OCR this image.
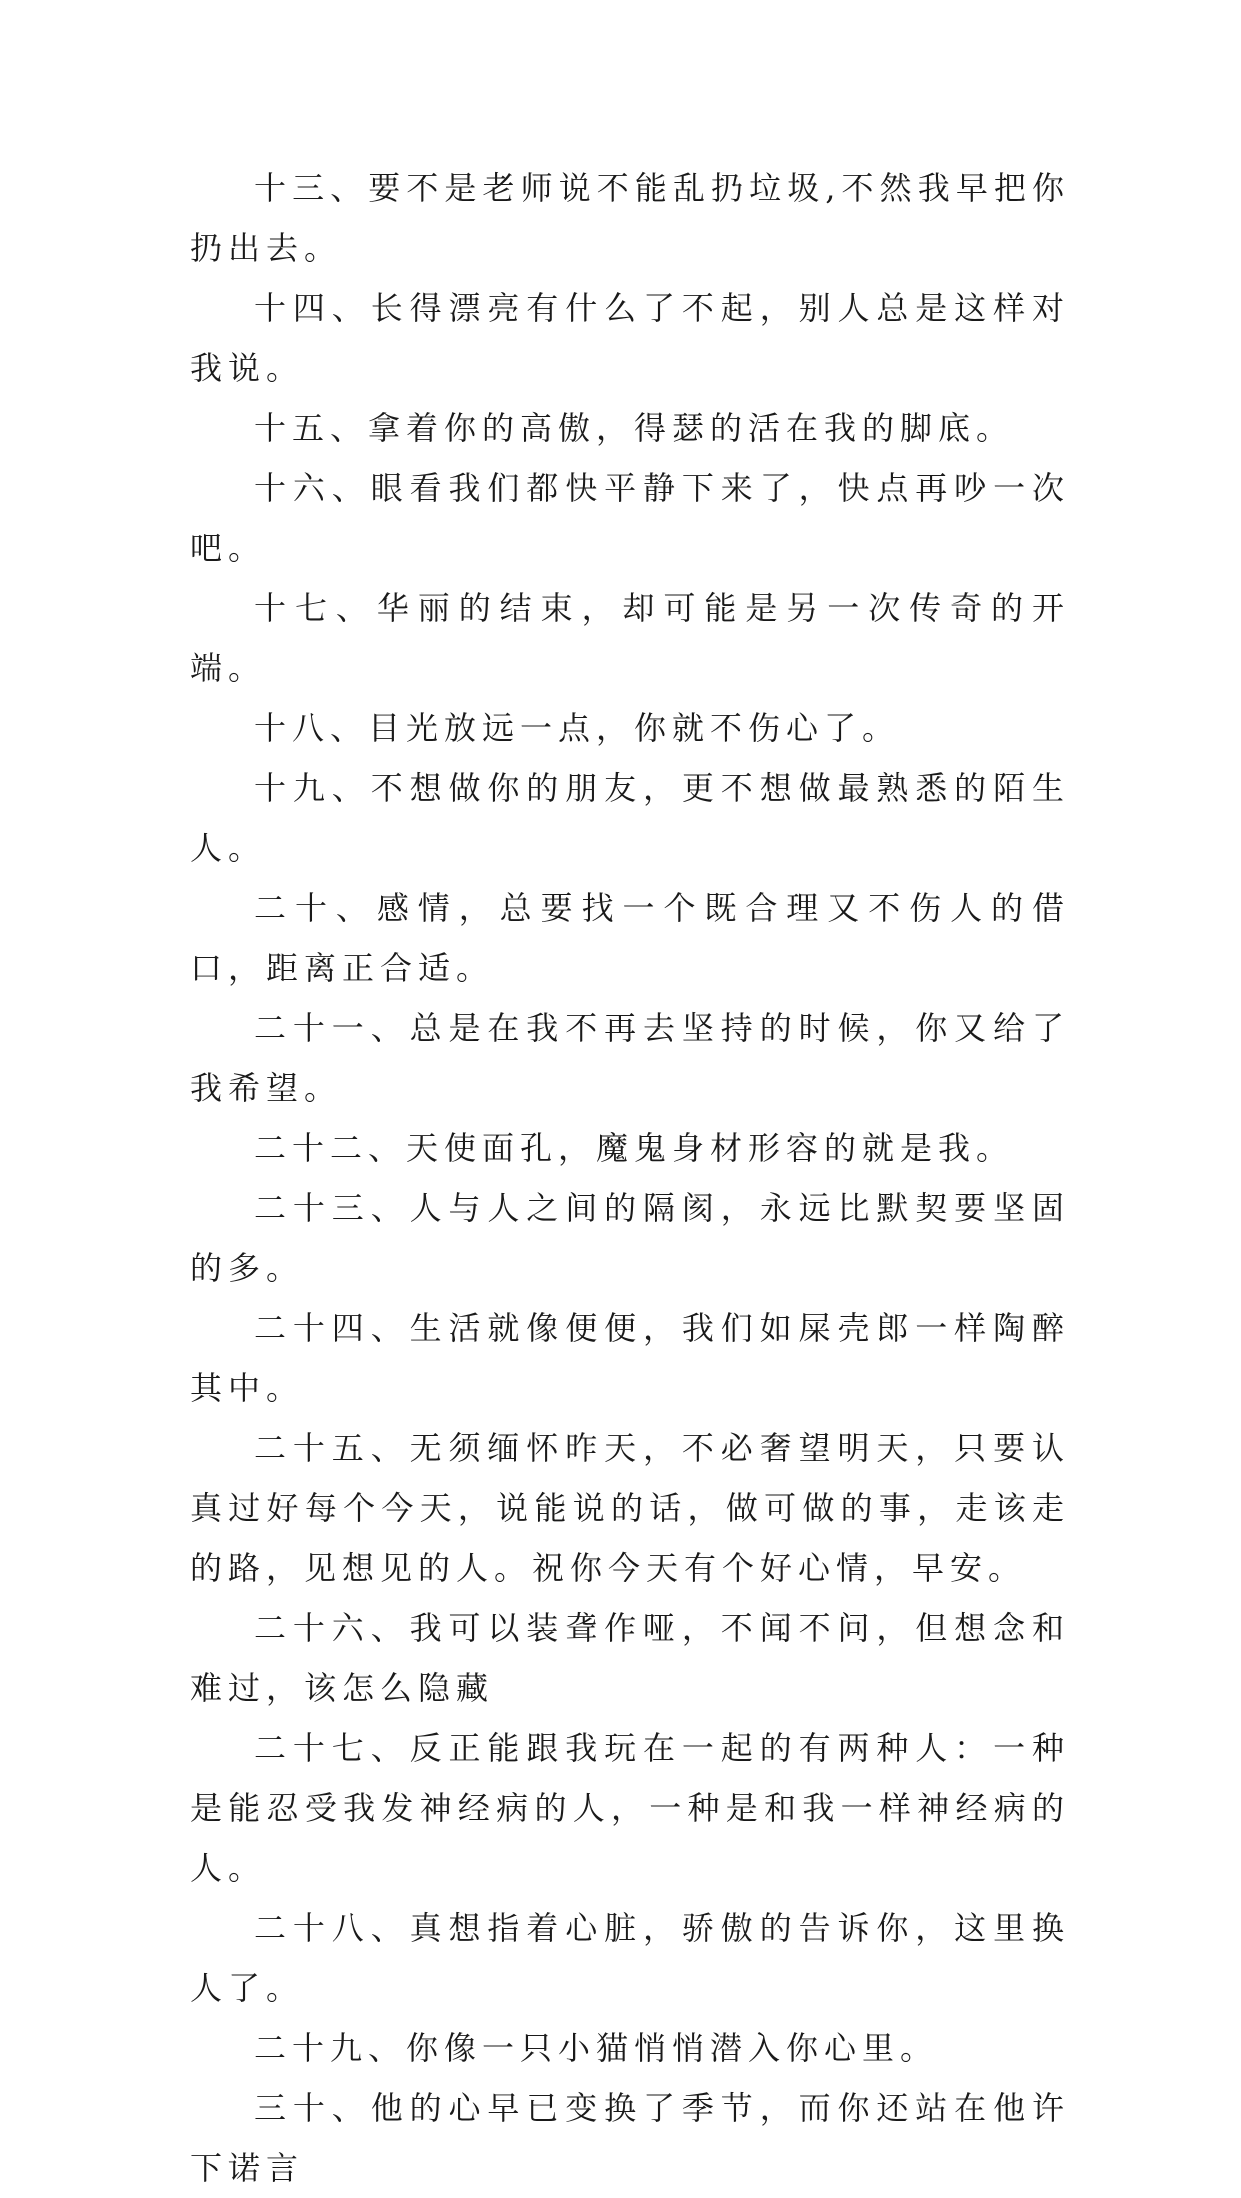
十三、要不是老师说不能乱扔垃圾,不然我早把你扔出去。

十四、长得漂亮有什么了不起，别人总是这样对我说。

十五、拿着你的高傲，得瑟的活在我的脚底。

十六、眼看我们都快平静下来了，快点再吵一次吧。

十七、华丽的结束，却可能是另一次传奇的开端。

十八、目光放远一点，你就不伤心了。

十九、不想做你的朋友，更不想做最熟悉的陌生人。

二十、感情，总要找一个既合理又不伤人的借口，距离正合适。

二十一、总是在我不再去坚持的时候，你又给了我希望。

二十二、天使面孔，魔鬼身材形容的就是我。

二十三、人与人之间的隔阂，永远比默契要坚固的多。

二十四、生活就像便便，我们如屎壳郎一样陶醉其中。

二十五、无须缅怀昨天，不必奢望明天，只要认真过好每个今天，说能说的话，做可做的事，走该走的路，见想见的人。祝你今天有个好心情，早安。

二十六、我可以装聋作哑，不闻不问，但想念和难过，该怎么隐藏

二十七、反正能跟我玩在一起的有两种人：一种是能忍受我发神经病的人，一种是和我一样神经病的人。

二十八、真想指着心脏，骄傲的告诉你，这里换人了。

二十九、你像一只小猫悄悄潜入你心里。

三十、他的心早已变换了季节，而你还站在他许下诺言
